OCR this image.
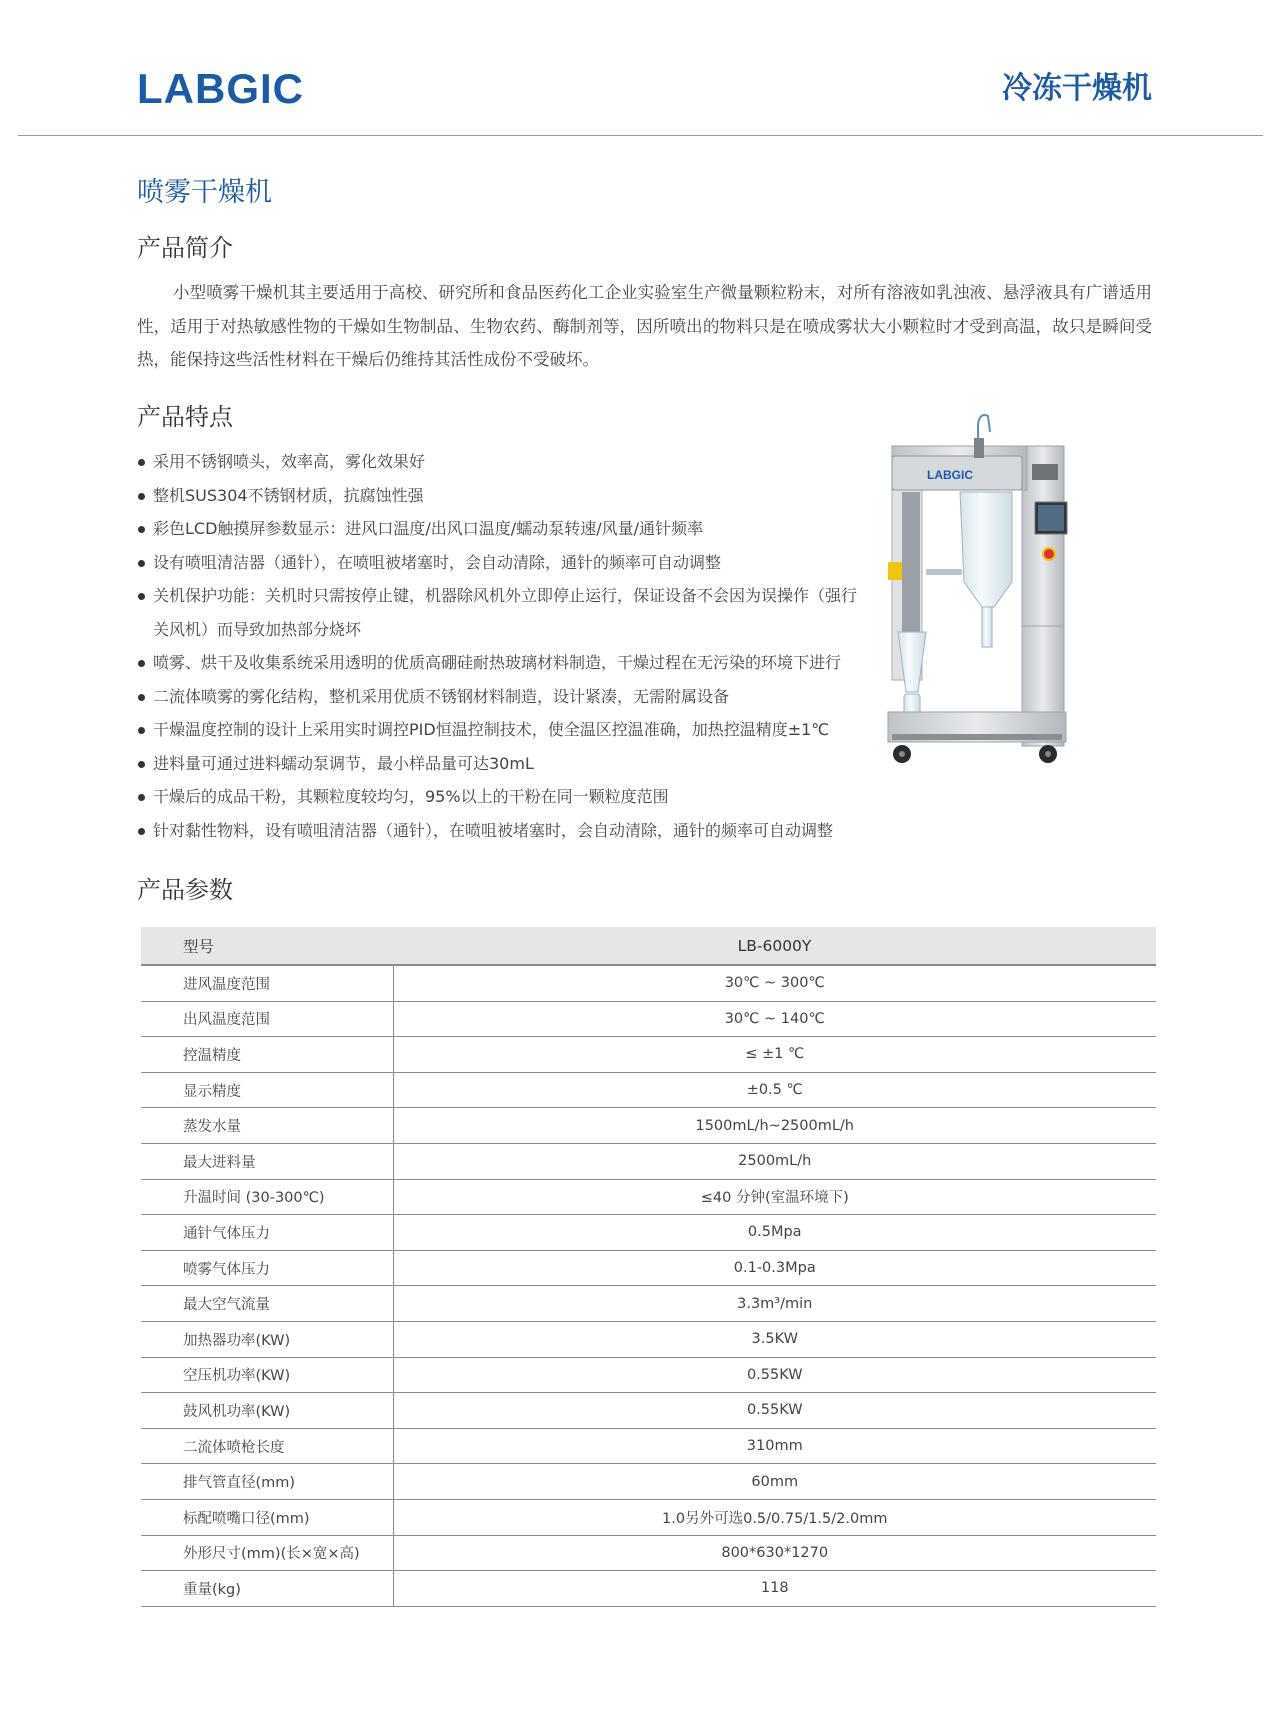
LABGIC	冷冻干燥机
喷雾干燥机
产品简介

小型喷雾干燥机其主要适用于高校、研究所和食品医药化工企业实验室生产微量颗粒粉末，对所有溶液如乳浊液、悬浮液具有广谱适用性，适用于对热敏感性物的干燥如生物制品、生物农药、酶制剂等，因所喷出的物料只是在喷成雾状大小颗粒时才受到高温，故只是瞬间受热，能保持这些活性材料在干燥后仍维持其活性成份不受破坏。

产品特点
采用不锈钢喷头，效率高，雾化效果好
整机SUS304不锈钢材质，抗腐蚀性强
彩色LCD触摸屏参数显示：进风口温度/出风口温度/蠕动泵转速/风量/通针频率
设有喷咀清洁器（通针），在喷咀被堵塞时，会自动清除，通针的频率可自动调整
关机保护功能：关机时只需按停止键，机器除风机外立即停止运行，保证设备不会因为误操作（强行关风机）而导致加热部分烧坏
喷雾、烘干及收集系统采用透明的优质高硼硅耐热玻璃材料制造，干燥过程在无污染的环境下进行
二流体喷雾的雾化结构，整机采用优质不锈钢材料制造，设计紧凑，无需附属设备
干燥温度控制的设计上采用实时调控PID恒温控制技术，使全温区控温准确，加热控温精度±1℃
进料量可通过进料蠕动泵调节，最小样品量可达30mL
干燥后的成品干粉，其颗粒度较均匀，95%以上的干粉在同一颗粒度范围
针对黏性物料，设有喷咀清洁器（通针），在喷咀被堵塞时，会自动清除，通针的频率可自动调整
LABGIC
产品参数
型号	LB-6000Y
进风温度范围	30℃ ~ 300℃
出风温度范围	30℃ ~ 140℃
控温精度	≤ ±1 ℃
显示精度	±0.5 ℃
蒸发水量	1500mL/h~2500mL/h
最大进料量	2500mL/h
升温时间 (30-300℃)	≤40 分钟(室温环境下)
通针气体压力	0.5Mpa
喷雾气体压力	0.1-0.3Mpa
最大空气流量	3.3m³/min
加热器功率(KW)	3.5KW
空压机功率(KW)	0.55KW
鼓风机功率(KW)	0.55KW
二流体喷枪长度	310mm
排气管直径(mm)	60mm
标配喷嘴口径(mm)	1.0另外可选0.5/0.75/1.5/2.0mm
外形尺寸(mm)(长×宽×高)	800*630*1270
重量(kg)	118
